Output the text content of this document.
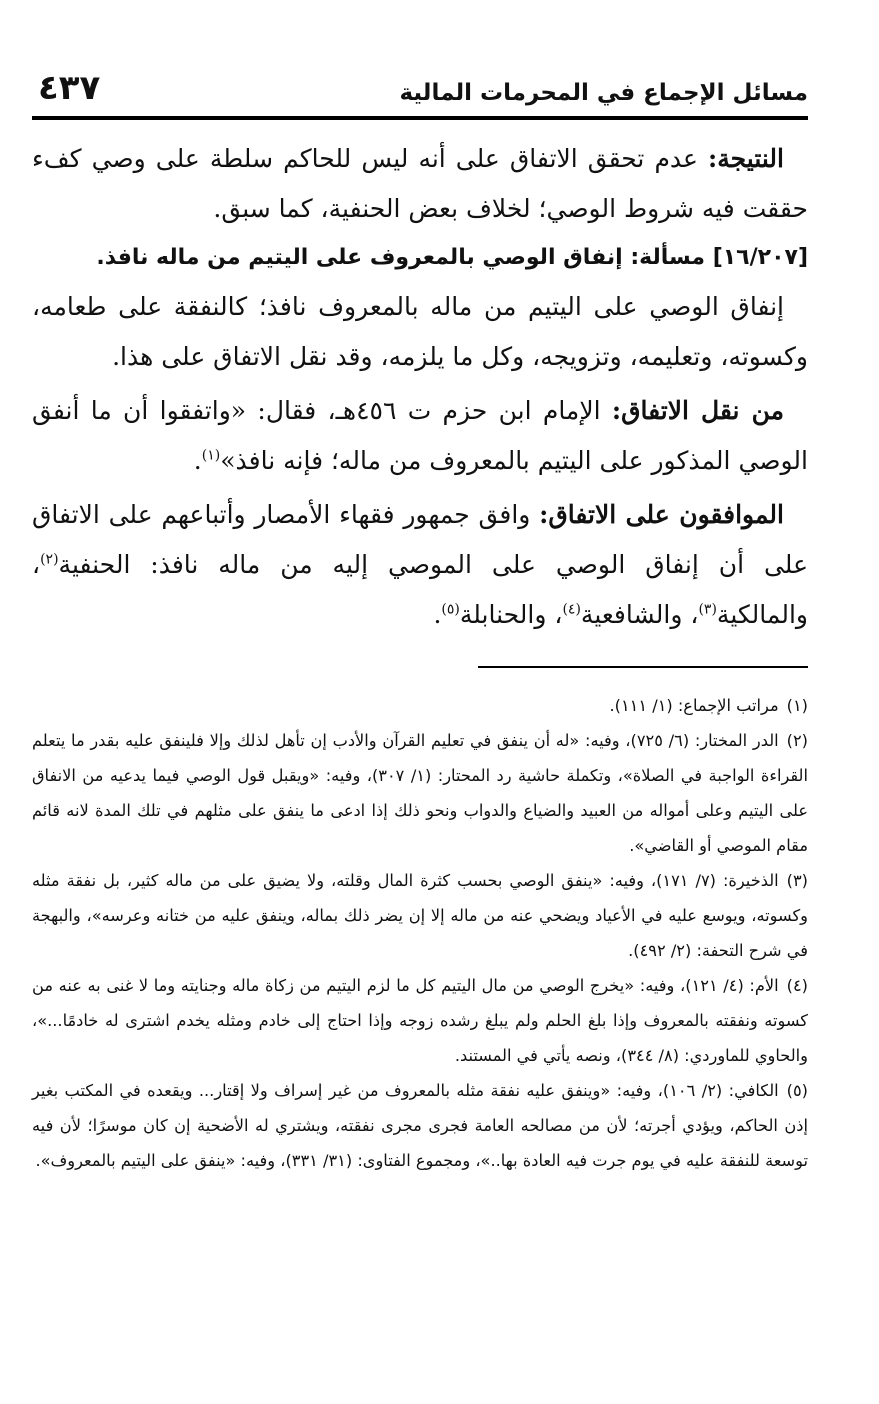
مسائل الإجماع في المحرمات المالية
٤٣٧

النتيجة: عدم تحقق الاتفاق على أنه ليس للحاكم سلطة على وصي كفء حققت فيه شروط الوصي؛ لخلاف بعض الحنفية، كما سبق.

[١٦/٢٠٧] مسألة: إنفاق الوصي بالمعروف على اليتيم من ماله نافذ.

إنفاق الوصي على اليتيم من ماله بالمعروف نافذ؛ كالنفقة على طعامه، وكسوته، وتعليمه، وتزويجه، وكل ما يلزمه، وقد نقل الاتفاق على هذا.

من نقل الاتفاق: الإمام ابن حزم ت ٤٥٦هـ، فقال: «واتفقوا أن ما أنفق الوصي المذكور على اليتيم بالمعروف من ماله؛ فإنه نافذ»$^{(١)}$.

الموافقون على الاتفاق: وافق جمهور فقهاء الأمصار وأتباعهم على الاتفاق على أن إنفاق الوصي على الموصي إليه من ماله نافذ: الحنفية$^{(٢)}$، والمالكية$^{(٣)}$، والشافعية$^{(٤)}$، والحنابلة$^{(٥)}$.

(١)مراتب الإجماع: (١/ ١١١).

(٢)الدر المختار: (٦/ ٧٢٥)، وفيه: «له أن ينفق في تعليم القرآن والأدب إن تأهل لذلك وإلا فلينفق عليه بقدر ما يتعلم القراءة الواجبة في الصلاة»، وتكملة حاشية رد المحتار: (١/ ٣٠٧)، وفيه: «ويقبل قول الوصي فيما يدعيه من الانفاق على اليتيم وعلى أمواله من العبيد والضياع والدواب ونحو ذلك إذا ادعى ما ينفق على مثلهم في تلك المدة لانه قائم مقام الموصي أو القاضي».

(٣)الذخيرة: (٧/ ١٧١)، وفيه: «ينفق الوصي بحسب كثرة المال وقلته، ولا يضيق على من ماله كثير، بل نفقة مثله وكسوته، ويوسع عليه في الأعياد ويضحي عنه من ماله إلا إن يضر ذلك بماله، وينفق عليه من ختانه وعرسه»، والبهجة في شرح التحفة: (٢/ ٤٩٢).

(٤)الأم: (٤/ ١٢١)، وفيه: «يخرج الوصي من مال اليتيم كل ما لزم اليتيم من زكاة ماله وجنايته وما لا غنى به عنه من كسوته ونفقته بالمعروف وإذا بلغ الحلم ولم يبلغ رشده زوجه وإذا احتاج إلى خادم ومثله يخدم اشترى له خادمًا...»، والحاوي للماوردي: (٨/ ٣٤٤)، ونصه يأتي في المستند.

(٥)الكافي: (٢/ ١٠٦)، وفيه: «وينفق عليه نفقة مثله بالمعروف من غير إسراف ولا إقتار... ويقعده في المكتب بغير إذن الحاكم، ويؤدي أجرته؛ لأن من مصالحه العامة فجرى مجرى نفقته، ويشتري له الأضحية إن كان موسرًا؛ لأن فيه توسعة للنفقة عليه في يوم جرت فيه العادة بها..»، ومجموع الفتاوى: (٣١/ ٣٣١)، وفيه: «ينفق على اليتيم بالمعروف».
